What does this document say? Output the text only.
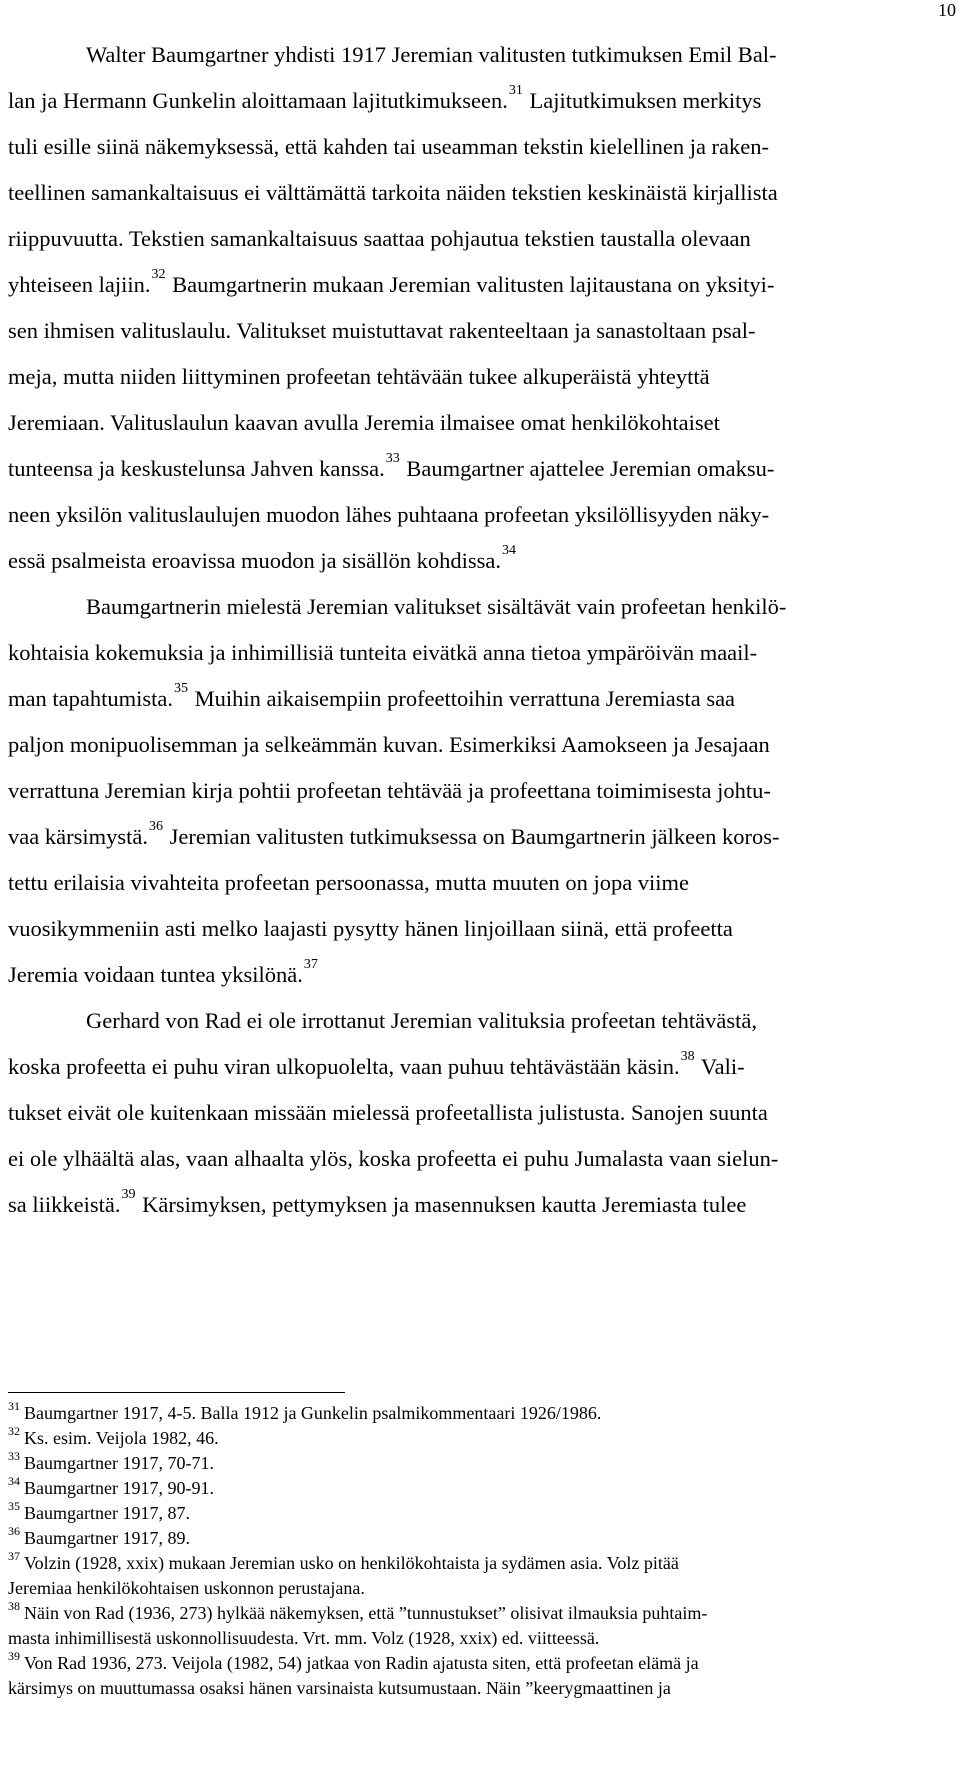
10
Walter Baumgartner yhdisti 1917 Jeremian valitusten tutkimuksen Emil Bal-
lan ja Hermann Gunkelin aloittamaan lajitutkimukseen.$^{31}$ Lajitutkimuksen merkitys
tuli esille siinä näkemyksessä, että kahden tai useamman tekstin kielellinen ja raken-
teellinen samankaltaisuus ei välttämättä tarkoita näiden tekstien keskinäistä kirjallista
riippuvuutta. Tekstien samankaltaisuus saattaa pohjautua tekstien taustalla olevaan
yhteiseen lajiin.$^{32}$ Baumgartnerin mukaan Jeremian valitusten lajitaustana on yksityi-
sen ihmisen valituslaulu. Valitukset muistuttavat rakenteeltaan ja sanastoltaan psal-
meja, mutta niiden liittyminen profeetan tehtävään tukee alkuperäistä yhteyttä
Jeremiaan. Valituslaulun kaavan avulla Jeremia ilmaisee omat henkilökohtaiset
tunteensa ja keskustelunsa Jahven kanssa.$^{33}$ Baumgartner ajattelee Jeremian omaksu-
neen yksilön valituslaulujen muodon lähes puhtaana profeetan yksilöllisyyden näky-
essä psalmeista eroavissa muodon ja sisällön kohdissa.$^{34}$
Baumgartnerin mielestä Jeremian valitukset sisältävät vain profeetan henkilö-
kohtaisia kokemuksia ja inhimillisiä tunteita eivätkä anna tietoa ympäröivän maail-
man tapahtumista.$^{35}$ Muihin aikaisempiin profeettoihin verrattuna Jeremiasta saa
paljon monipuolisemman ja selkeämmän kuvan. Esimerkiksi Aamokseen ja Jesajaan
verrattuna Jeremian kirja pohtii profeetan tehtävää ja profeettana toimimisesta johtu-
vaa kärsimystä.$^{36}$ Jeremian valitusten tutkimuksessa on Baumgartnerin jälkeen koros-
tettu erilaisia vivahteita profeetan persoonassa, mutta muuten on jopa viime
vuosikymmeniin asti melko laajasti pysytty hänen linjoillaan siinä, että profeetta
Jeremia voidaan tuntea yksilönä.$^{37}$
Gerhard von Rad ei ole irrottanut Jeremian valituksia profeetan tehtävästä,
koska profeetta ei puhu viran ulkopuolelta, vaan puhuu tehtävästään käsin.$^{38}$ Vali-
tukset eivät ole kuitenkaan missään mielessä profeetallista julistusta. Sanojen suunta
ei ole ylhäältä alas, vaan alhaalta ylös, koska profeetta ei puhu Jumalasta vaan sielun-
sa liikkeistä.$^{39}$ Kärsimyksen, pettymyksen ja masennuksen kautta Jeremiasta tulee
$^{31}$ Baumgartner 1917, 4-5. Balla 1912 ja Gunkelin psalmikommentaari 1926/1986.
$^{32}$ Ks. esim. Veijola 1982, 46.
$^{33}$ Baumgartner 1917, 70-71.
$^{34}$ Baumgartner 1917, 90-91.
$^{35}$ Baumgartner 1917, 87.
$^{36}$ Baumgartner 1917, 89.
$^{37}$ Volzin (1928, xxix) mukaan Jeremian usko on henkilökohtaista ja sydämen asia. Volz pitää
Jeremiaa henkilökohtaisen uskonnon perustajana.
$^{38}$ Näin von Rad (1936, 273) hylkää näkemyksen, että ”tunnustukset” olisivat ilmauksia puhtaim-
masta inhimillisestä uskonnollisuudesta. Vrt. mm. Volz (1928, xxix) ed. viitteessä.
$^{39}$ Von Rad 1936, 273. Veijola (1982, 54) jatkaa von Radin ajatusta siten, että profeetan elämä ja
kärsimys on muuttumassa osaksi hänen varsinaista kutsumustaan. Näin ”keerygmaattinen ja
